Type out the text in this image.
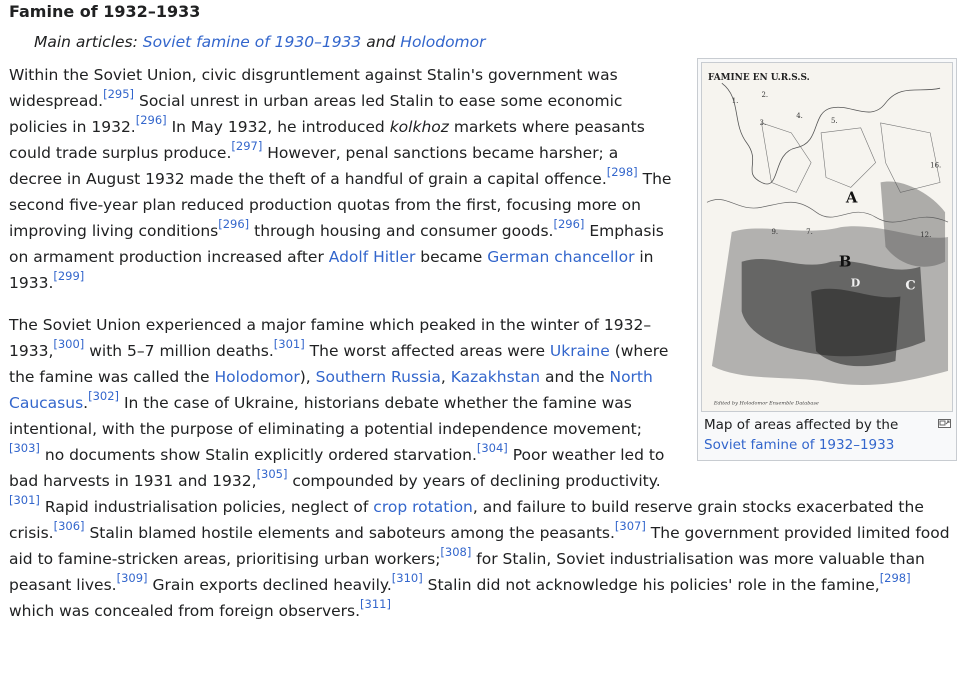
Famine of 1932–1933
Main articles: Soviet famine of 1930–1933 and Holodomor
FAMINE EN U.R.S.S.
A
B
C
D
1.
2.
3.
4.
5.
16.
9.	7.	12.
Edited by Holodomor Ensemble Database
Map of areas affected by the Soviet famine of 1932–1933

Within the Soviet Union, civic disgruntlement against Stalin's government was widespread.[295] Social unrest in urban areas led Stalin to ease some economic policies in 1932.[296] In May 1932, he introduced kolkhoz markets where peasants could trade surplus produce.[297] However, penal sanctions became harsher; a decree in August 1932 made the theft of a handful of grain a capital offence.[298] The second five-year plan reduced production quotas from the first, focusing more on improving living conditions[296] through housing and consumer goods.[296] Emphasis on armament production increased after Adolf Hitler became German chancellor in 1933.[299]

The Soviet Union experienced a major famine which peaked in the winter of 1932–1933,[300] with 5–7 million deaths.[301] The worst affected areas were Ukraine (where the famine was called the Holodomor), Southern Russia, Kazakhstan and the North Caucasus.[302] In the case of Ukraine, historians debate whether the famine was intentional, with the purpose of eliminating a potential independence movement;[303] no documents show Stalin explicitly ordered starvation.[304] Poor weather led to bad harvests in 1931 and 1932,[305] compounded by years of declining productivity.[301] Rapid industrialisation policies, neglect of crop rotation, and failure to build reserve grain stocks exacerbated the crisis.[306] Stalin blamed hostile elements and saboteurs among the peasants.[307] The government provided limited food aid to famine-stricken areas, prioritising urban workers;[308] for Stalin, Soviet industrialisation was more valuable than peasant lives.[309] Grain exports declined heavily.[310] Stalin did not acknowledge his policies' role in the famine,[298] which was concealed from foreign observers.[311]
